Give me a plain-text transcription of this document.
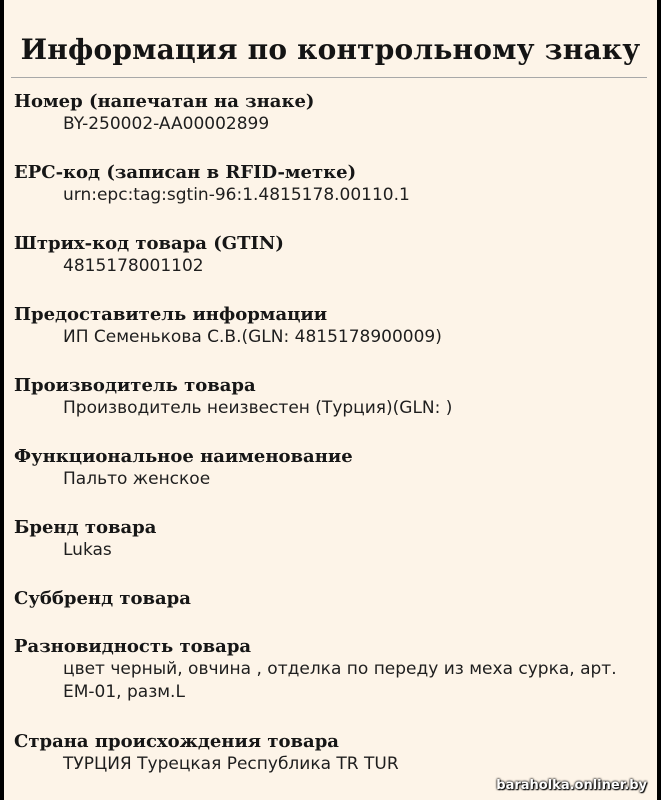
Информация по контрольному знаку
Номер (напечатан на знаке)
BY-250002-AA00002899
EPC-код (записан в RFID-метке)
urn:epc:tag:sgtin-96:1.4815178.00110.1
Штрих-код товара (GTIN)
4815178001102
Предоставитель информации
ИП Семенькова С.В.(GLN: 4815178900009)
Производитель товара
Производитель неизвестен (Турция)(GLN: )
Функциональное наименование
Пальто женское
Бренд товара
Lukas
Суббренд товара
Разновидность товара
цвет черный, овчина , отделка по переду из меха сурка, арт. EM-01, разм.L
Страна происхождения товара
ТУРЦИЯ Турецкая Республика TR TUR
baraholka.onliner.by
